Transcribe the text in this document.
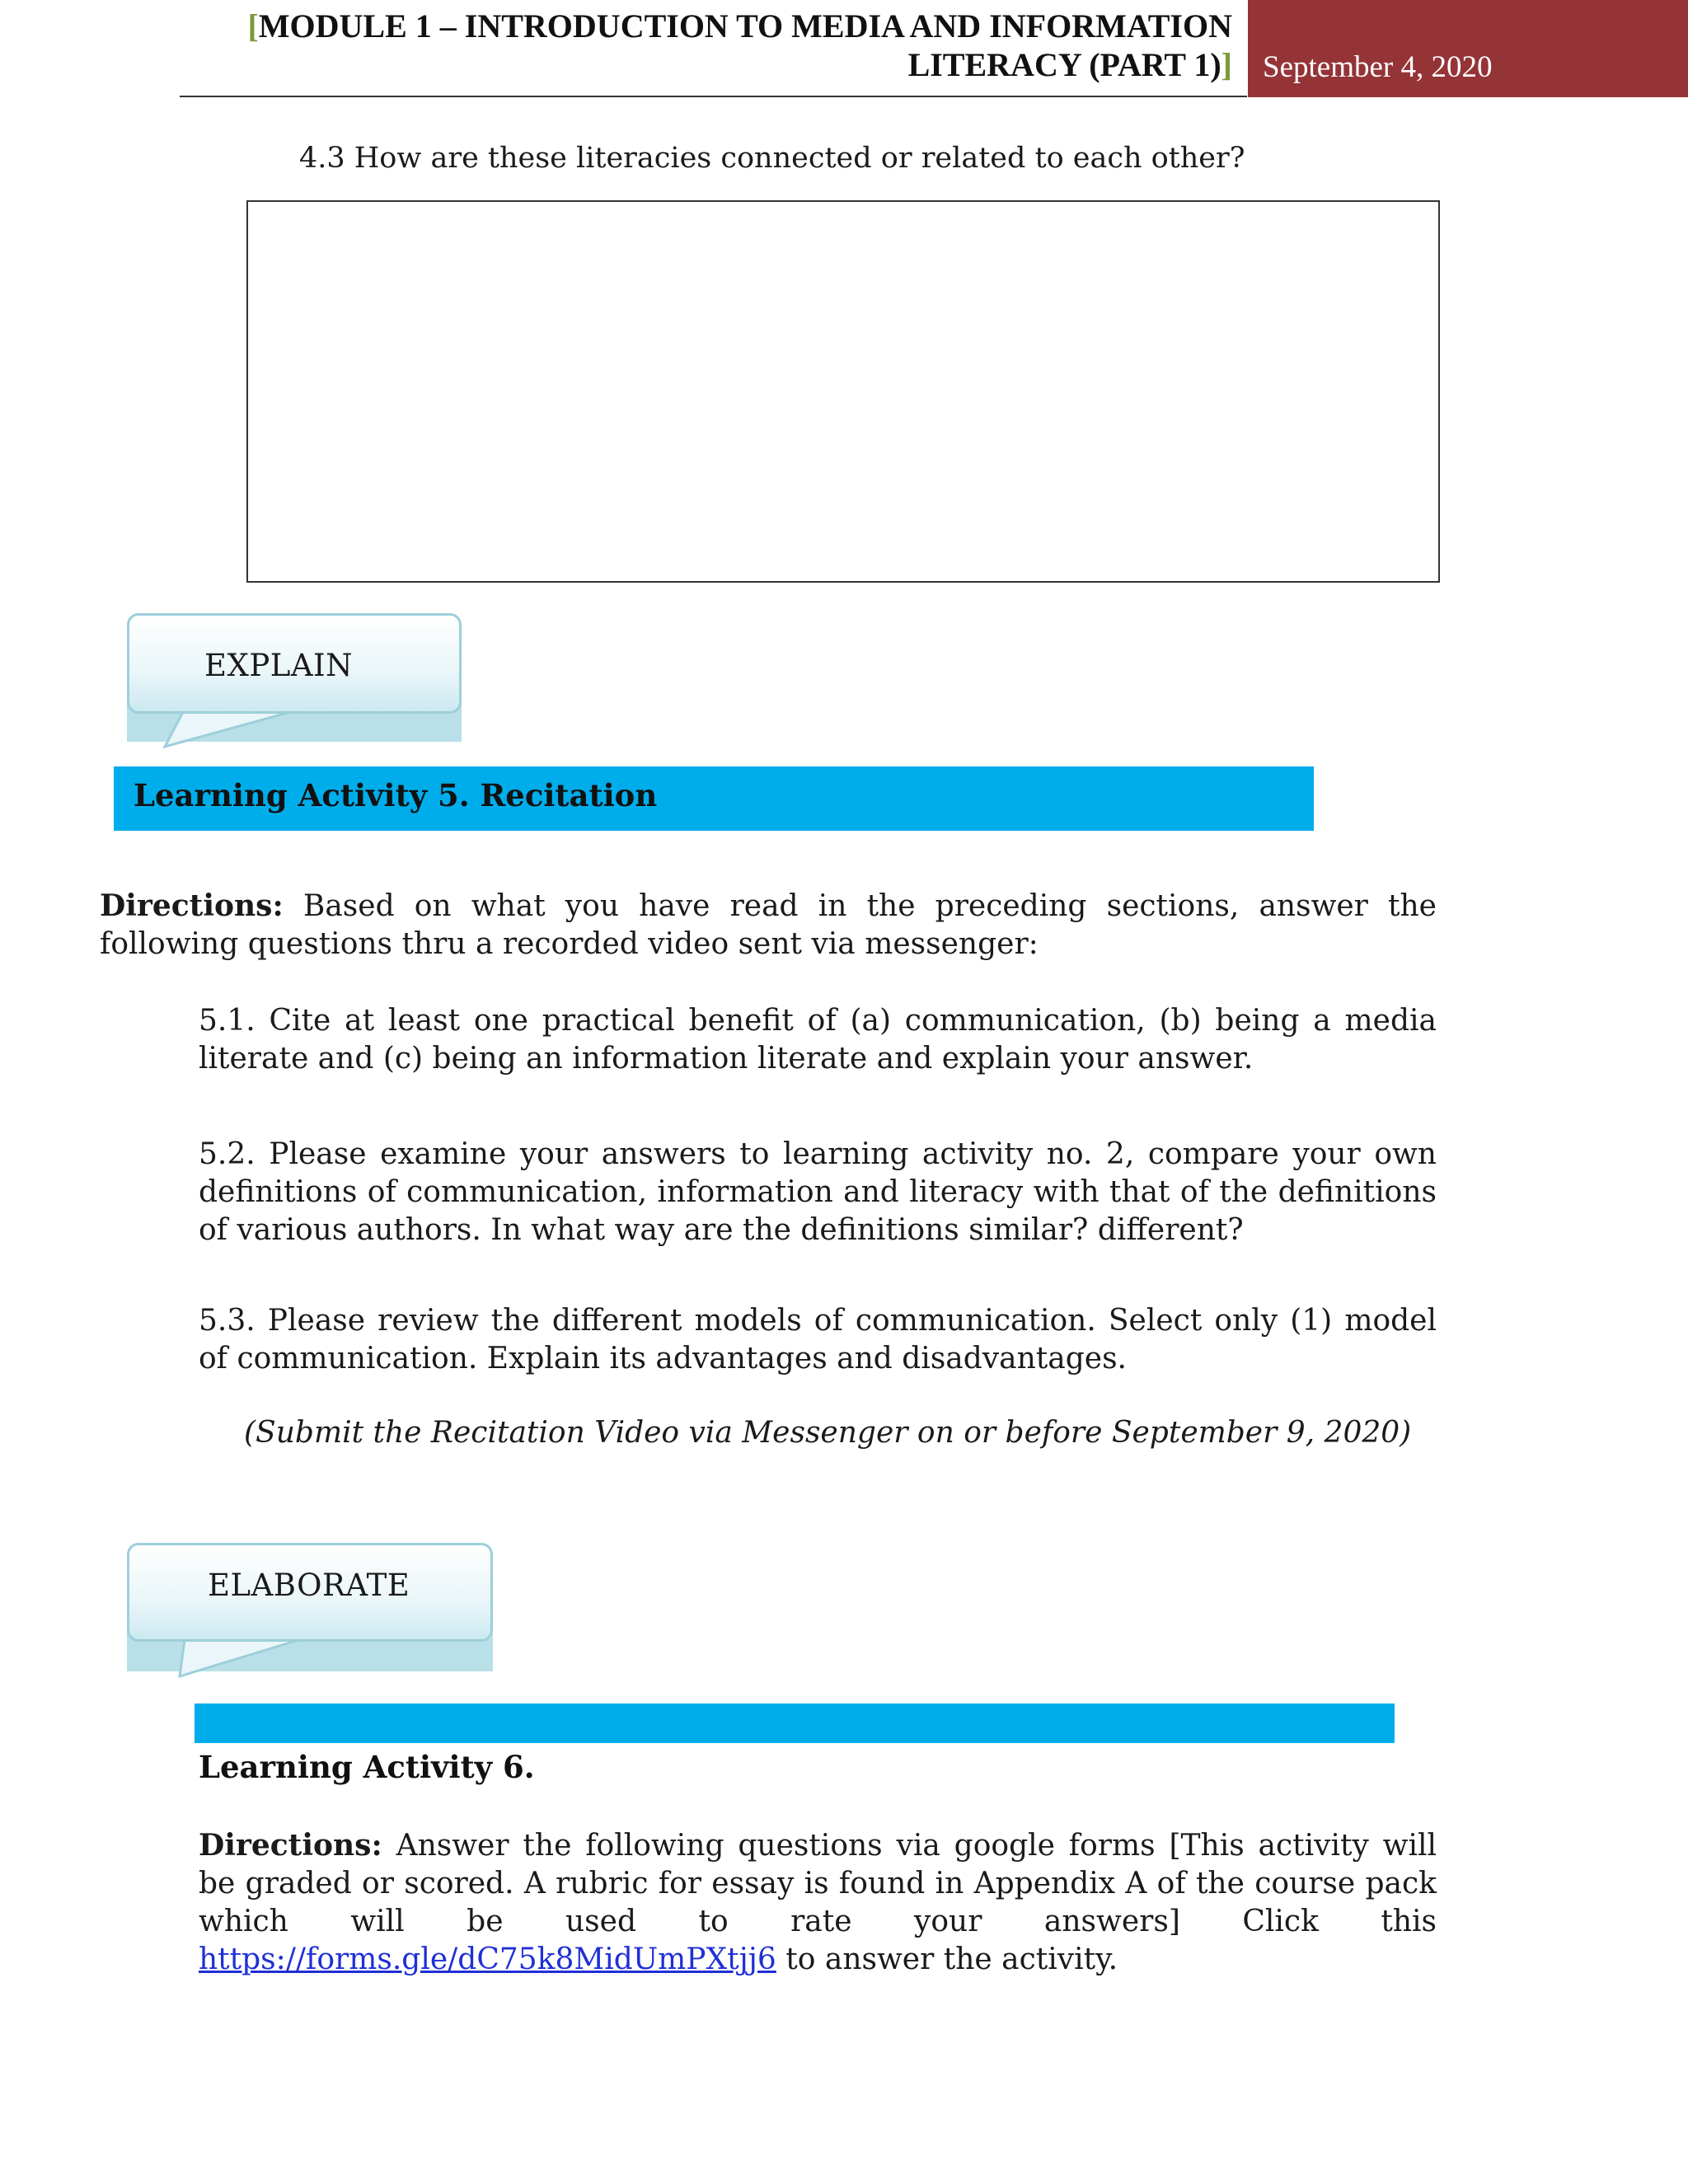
[MODULE 1 – INTRODUCTION TO MEDIA AND INFORMATION
LITERACY (PART 1)] September 4, 2020
4.3 How are these literacies connected or related to each other?
EXPLAIN
Learning Activity 5. Recitation
Directions: Based on what you have read in the preceding sections, answer the following questions thru a recorded video sent via messenger:
5.1. Cite at least one practical benefit of (a) communication, (b) being a media literate and (c) being an information literate and explain your answer.
5.2. Please examine your answers to learning activity no. 2, compare your own definitions of communication, information and literacy with that of the definitions of various authors. In what way are the definitions similar? different?
5.3. Please review the different models of communication. Select only (1) model of communication. Explain its advantages and disadvantages.
(Submit the Recitation Video via Messenger on or before September 9, 2020)
ELABORATE
Learning Activity 6.
Directions: Answer the following questions via google forms [This activity will be graded or scored. A rubric for essay is found in Appendix A of the course pack which will be used to rate your answers] Click this https://forms.gle/dC75k8MidUmPXtjj6 to answer the activity.
